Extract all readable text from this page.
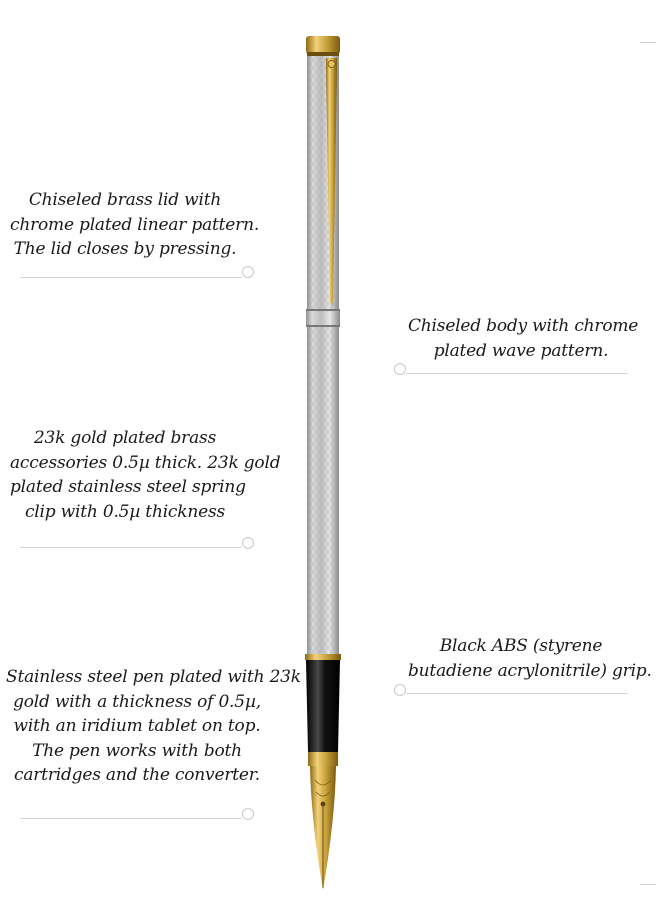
Chiseled brass lid with
chrome plated linear pattern.
The lid closes by pressing.
23k gold plated brass
accessories 0.5µ thick. 23k gold
plated stainless steel spring
clip with 0.5µ thickness
Stainless steel pen plated with 23k
gold with a thickness of 0.5µ,
with an iridium tablet on top.
The pen works with both
cartridges and the converter.
Chiseled body with chrome
plated wave pattern.
Black ABS (styrene
butadiene acrylonitrile) grip.
